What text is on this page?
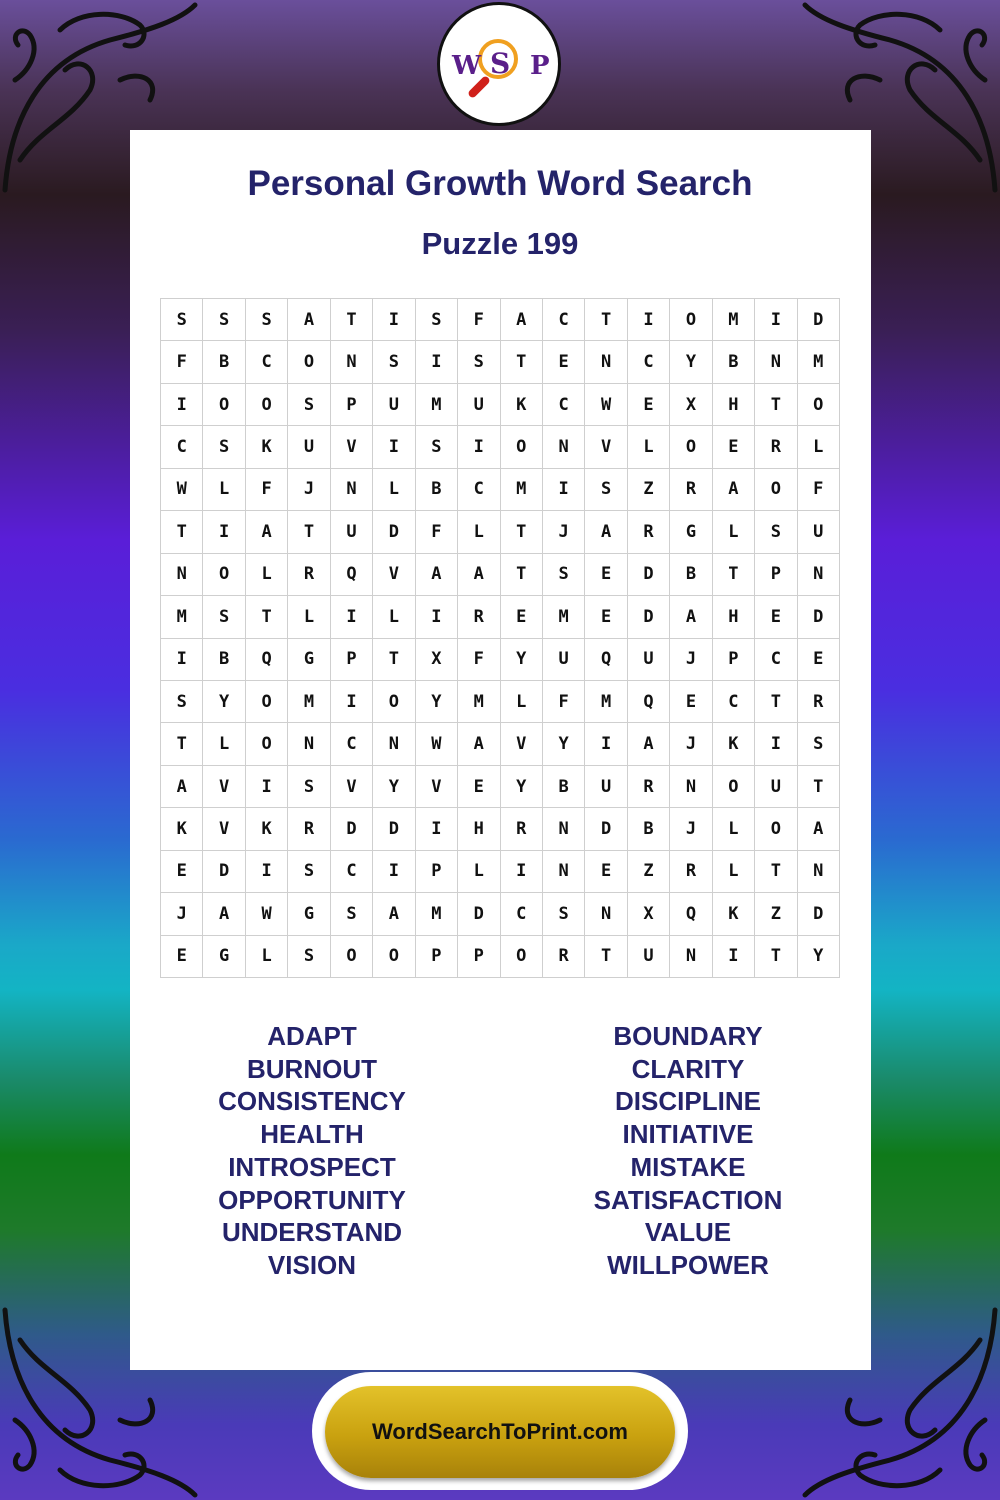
W S P
Personal Growth Word Search
Puzzle 199
S	S	S	A	T	I	S	F	A	C	T	I	O	M	I	D
F	B	C	O	N	S	I	S	T	E	N	C	Y	B	N	M
I	O	O	S	P	U	M	U	K	C	W	E	X	H	T	O
C	S	K	U	V	I	S	I	O	N	V	L	O	E	R	L
W	L	F	J	N	L	B	C	M	I	S	Z	R	A	O	F
T	I	A	T	U	D	F	L	T	J	A	R	G	L	S	U
N	O	L	R	Q	V	A	A	T	S	E	D	B	T	P	N
M	S	T	L	I	L	I	R	E	M	E	D	A	H	E	D
I	B	Q	G	P	T	X	F	Y	U	Q	U	J	P	C	E
S	Y	O	M	I	O	Y	M	L	F	M	Q	E	C	T	R
T	L	O	N	C	N	W	A	V	Y	I	A	J	K	I	S
A	V	I	S	V	Y	V	E	Y	B	U	R	N	O	U	T
K	V	K	R	D	D	I	H	R	N	D	B	J	L	O	A
E	D	I	S	C	I	P	L	I	N	E	Z	R	L	T	N
J	A	W	G	S	A	M	D	C	S	N	X	Q	K	Z	D
E	G	L	S	O	O	P	P	O	R	T	U	N	I	T	Y
ADAPT
BURNOUT
CONSISTENCY
HEALTH
INTROSPECT
OPPORTUNITY
UNDERSTAND
VISION
BOUNDARY
CLARITY
DISCIPLINE
INITIATIVE
MISTAKE
SATISFACTION
VALUE
WILLPOWER
WordSearchToPrint.com
